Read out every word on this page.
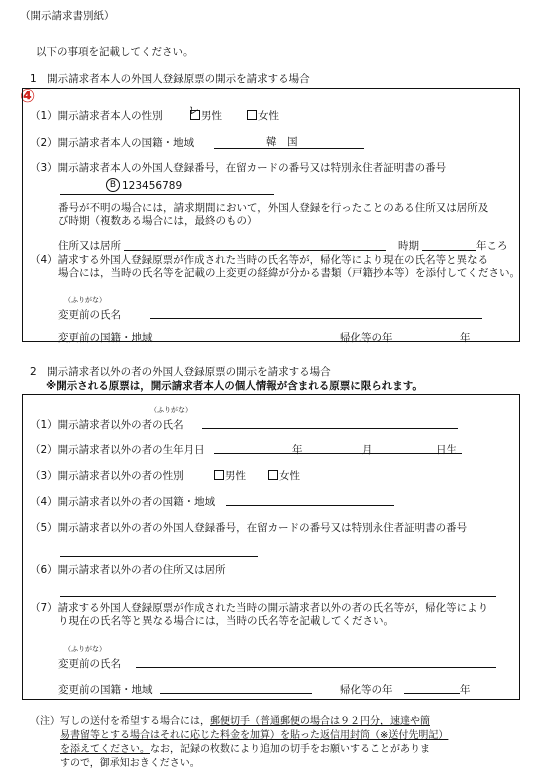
（開示請求書別紙）
以下の事項を記載してください。
1　開示請求者本人の外国人登録原票の開示を請求する場合
④
（1）開示請求者本人の性別 レ 男性	女性
（2）開示請求者本人の国籍・地域	韓　国
（3）開示請求者本人の外国人登録番号，在留カードの番号又は特別永住者証明書の番号
B 123456789
番号が不明の場合には，請求期間において，外国人登録を行ったことのある住所又は居所及
び時期（複数ある場合には，最終のもの）
住所又は居所	時期	年ころ
（4）請求する外国人登録原票が作成された当時の氏名等が，帰化等により現在の氏名等と異なる
場合には，当時の氏名等を記載の上変更の経緯が分かる書類（戸籍抄本等）を添付してください。
（ふりがな）
変更前の氏名
変更前の国籍・地域	帰化等の年	年
2　開示請求者以外の者の外国人登録原票の開示を請求する場合
※開示される原票は，開示請求者本人の個人情報が含まれる原票に限られます。
（ふりがな）
（1）開示請求者以外の者の氏名
（2）開示請求者以外の者の生年月日	年	月	日生
（3）開示請求者以外の者の性別	男性	女性
（4）開示請求者以外の者の国籍・地域
（5）開示請求者以外の者の外国人登録番号，在留カードの番号又は特別永住者証明書の番号
（6）開示請求者以外の者の住所又は居所
（7）請求する外国人登録原票が作成された当時の開示請求者以外の者の氏名等が，帰化等により
り現在の氏名等と異なる場合には，当時の氏名等を記載してください。
（ふりがな）
変更前の氏名
変更前の国籍・地域	帰化等の年	年
（注）写しの送付を希望する場合には，郵便切手（普通郵便の場合は９２円分，速達や簡
易書留等とする場合はそれに応じた料金を加算）を貼った返信用封筒（※送付先明記）
を添えてください。なお，記録の枚数により追加の切手をお願いすることがありま
すので，御承知おきください。
